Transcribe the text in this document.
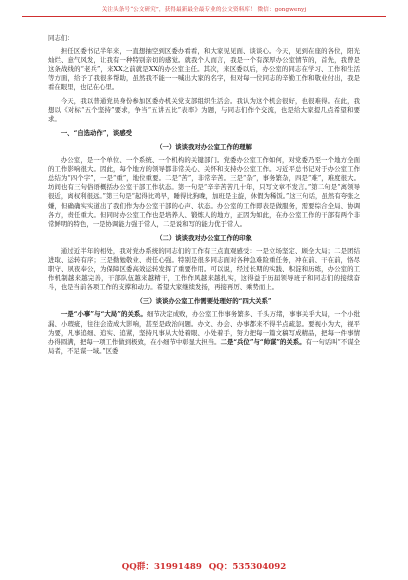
关注头条号“公文研究”，获得最新最全最专业的公文资料库！ 微信：gongwenyj

同志们：

担任区委书记半年来，一直想抽空到区委办看看，和大家见见面、谈谈心。今天，见到在座的各位，阳光灿烂、意气风发，让我有一种特别亲切的感觉。就我个人而言，我是一个有深厚办公室情节的，首先，我曾是这条战线的“老兵”，来XX之前就是XX的办公室主任。其次，来区委以后，办公室的同志在学习、工作和生活等方面，给予了我很多帮助，虽然我不能一一喊出大家的名字，但对每一位同志的辛勤工作和敬业付出，我是看在眼里，也记在心里。

今天，我以普通党员身份参加区委办机关党支部组织生活会。我认为这个机会很好，也很难得。在此，我想以《对标“五个坚持”要求，争当“五讲五比”表率》为题，与同志们作个交流，也是给大家提几点希望和要求。

一、“自选动作”，谈感受

（一）谈谈我对办公室工作的理解

办公室，是一个单位、一个系统、一个机构的关键部门。党委办公室工作如何，对党委乃至一个地方全面的工作影响很大。因此，每个地方的领导都非常关心、关怀和支持办公室工作。习近平总书记对于办公室工作总结为“四个字”，一是“重”，地位重要。二是“苦”，非常辛苦。三是“杂”，事务繁杂，四是“难”，难度很大。坊间也有三句俗语概括办公室干部工作状态。第一句是“辛辛苦苦几十年，只写文章不发言。”第二句是“离领导很近，离权利很远。”第三句是“起得比鸡早，睡得比狗晚，加班是主旋，休假为稀饭。”这三句话，虽然有夸张之嫌，但确确实实道出了我们作为办公室干部的心声、状态。办公室的工作即表是做服务，需要综合全局、协调各方，责任重大。但同时办公室工作也是培养人、锻炼人的地方，正因为如此，在办公室工作的干部有两个非常鲜明的特色，一是协调能力强于常人，二是说和写的能力优于常人。

（二）谈谈我对办公室工作的印象

通过近半年的相处，我对党办系统的同志们的工作有三点直观感受：一是立场坚定、顾全大局；二是团结进取、运转有序；三是勤勉敬业、责任心强。特别是很多同志面对各种急难险重任务，冲在前、干在前，恪尽职守、夙夜奉公，为保障区委高效运转发挥了重要作用。可以说，经过长期的实践、积淀和历练，办公室的工作机制越来越完善，干部队伍越来越精干，工作作风越来越扎实，这得益于历届领导班子和同志们的接续奋斗，也是当前各项工作的支撑和动力。希望大家继续发扬，再接再厉、乘势而上。

（三）谈谈办公室工作需要处理好的“四大关系”

一是“小事”与“大局”的关系。细节决定成败，办公室工作事务繁多、千头万绪，事事关乎大局，一个小纰漏、小瑕疵，往往会造成大影响，甚至是政治问题。办文、办会、办事都来不得半点疏忽。要视小为大，视平为要，凡事追细、追实、追紧，坚持凡事从大处着眼、小处着手，努力把每一篇文稿写成精品，把每一件事情办得圆满，把每一项工作做到极致，在小细节中彰显大担当。二是“兵位”与“帅谋”的关系。有一句话叫“不谋全局者，不足谋一域。”区委

QQ群：31991489 QQ：535304092
